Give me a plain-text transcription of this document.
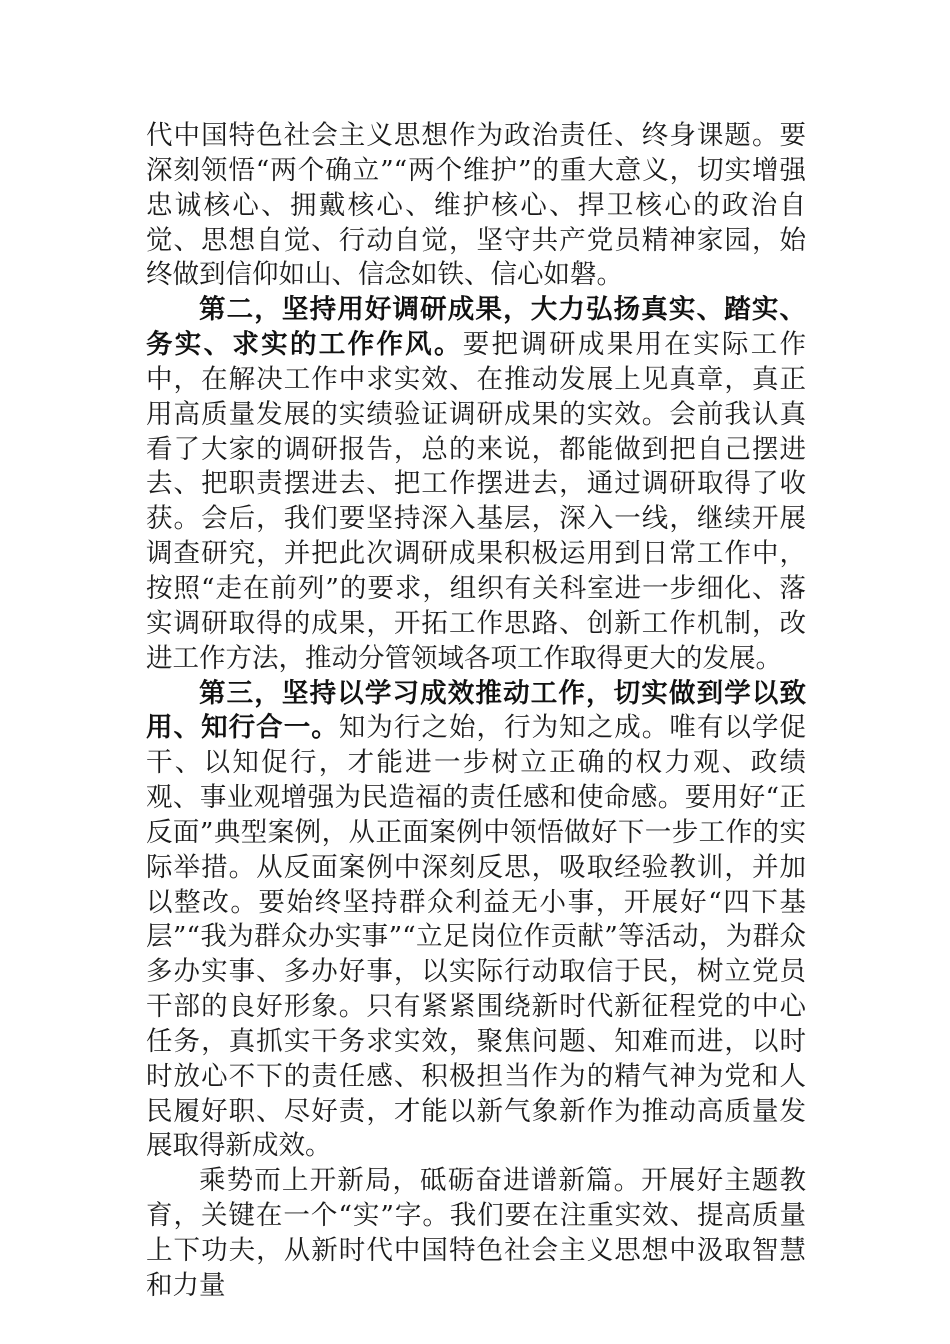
代中国特色社会主义思想作为政治责任、终身课题。要深刻领悟“两个确立”“两个维护”的重大意义，切实增强忠诚核心、拥戴核心、维护核心、捍卫核心的政治自觉、思想自觉、行动自觉，坚守共产党员精神家园，始终做到信仰如山、信念如铁、信心如磐。

第二，坚持用好调研成果，大力弘扬真实、踏实、务实、求实的工作作风。要把调研成果用在实际工作中，在解决工作中求实效、在推动发展上见真章，真正用高质量发展的实绩验证调研成果的实效。会前我认真看了大家的调研报告，总的来说，都能做到把自己摆进去、把职责摆进去、把工作摆进去，通过调研取得了收获。会后，我们要坚持深入基层，深入一线，继续开展调查研究，并把此次调研成果积极运用到日常工作中，按照“走在前列”的要求，组织有关科室进一步细化、落实调研取得的成果，开拓工作思路、创新工作机制，改进工作方法，推动分管领域各项工作取得更大的发展。

第三，坚持以学习成效推动工作，切实做到学以致用、知行合一。知为行之始，行为知之成。唯有以学促干、以知促行，才能进一步树立正确的权力观、政绩观、事业观增强为民造福的责任感和使命感。要用好“正反面”典型案例，从正面案例中领悟做好下一步工作的实际举措。从反面案例中深刻反思，吸取经验教训，并加以整改。要始终坚持群众利益无小事，开展好“四下基层”“我为群众办实事”“立足岗位作贡献”等活动，为群众多办实事、多办好事，以实际行动取信于民，树立党员干部的良好形象。只有紧紧围绕新时代新征程党的中心任务，真抓实干务求实效，聚焦问题、知难而进，以时时放心不下的责任感、积极担当作为的精气神为党和人民履好职、尽好责，才能以新气象新作为推动高质量发展取得新成效。

乘势而上开新局，砥砺奋进谱新篇。开展好主题教育，关键在一个“实”字。我们要在注重实效、提高质量上下功夫，从新时代中国特色社会主义思想中汲取智慧和力量
